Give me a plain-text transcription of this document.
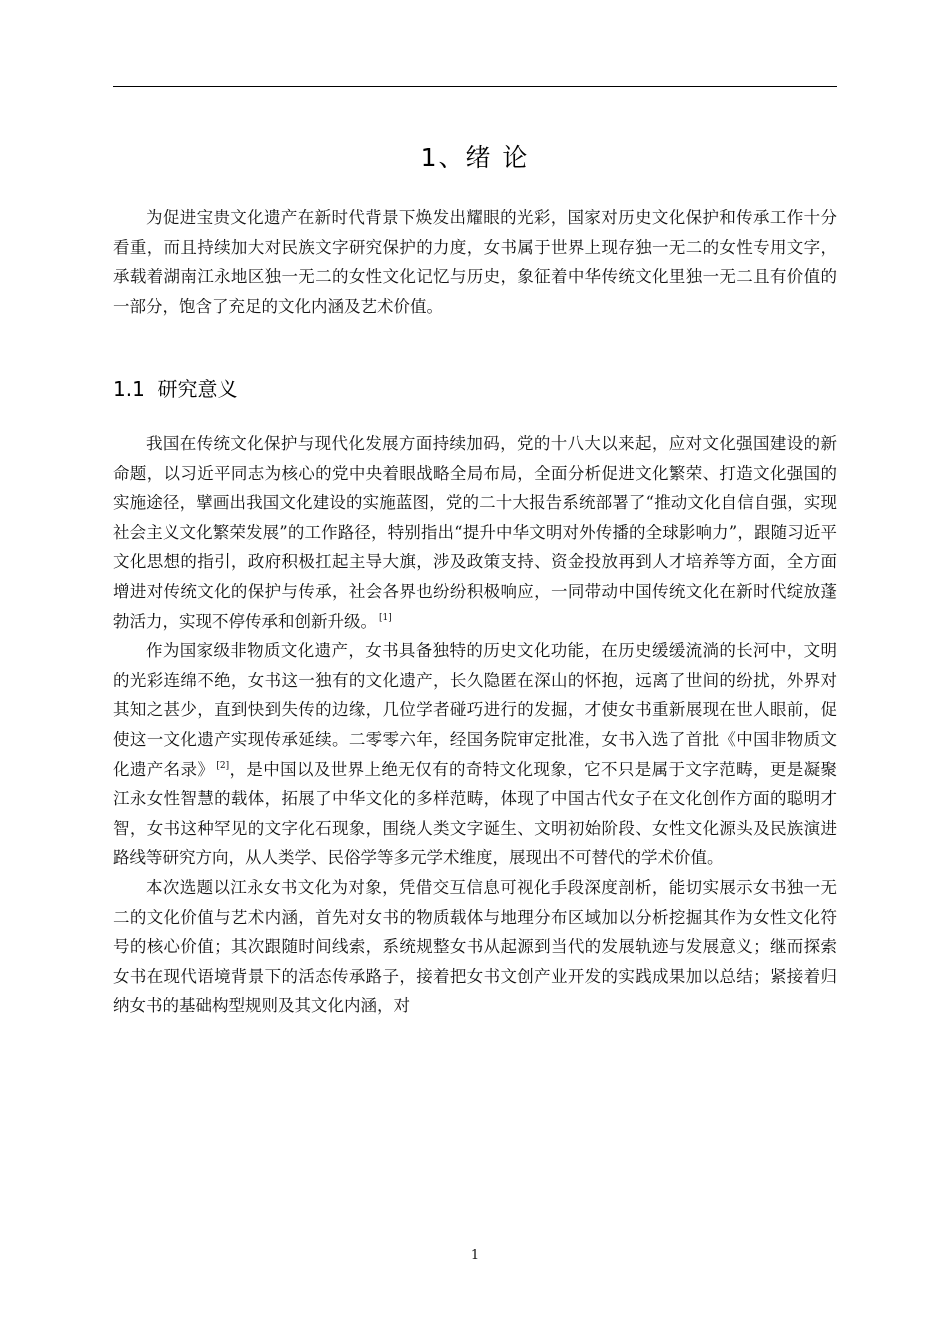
1、绪 论

为促进宝贵文化遗产在新时代背景下焕发出耀眼的光彩，国家对历史文化保护和传承工作十分看重，而且持续加大对民族文字研究保护的力度，女书属于世界上现存独一无二的女性专用文字，承载着湖南江永地区独一无二的女性文化记忆与历史，象征着中华传统文化里独一无二且有价值的一部分，饱含了充足的文化内涵及艺术价值。

1.1  研究意义

我国在传统文化保护与现代化发展方面持续加码，党的十八大以来起，应对文化强国建设的新命题，以习近平同志为核心的党中央着眼战略全局布局，全面分析促进文化繁荣、打造文化强国的实施途径，擘画出我国文化建设的实施蓝图，党的二十大报告系统部署了“推动文化自信自强，实现社会主义文化繁荣发展”的工作路径，特别指出“提升中华文明对外传播的全球影响力”，跟随习近平文化思想的指引，政府积极扛起主导大旗，涉及政策支持、资金投放再到人才培养等方面，全方面增进对传统文化的保护与传承，社会各界也纷纷积极响应，一同带动中国传统文化在新时代绽放蓬勃活力，实现不停传承和创新升级。 [1]

作为国家级非物质文化遗产，女书具备独特的历史文化功能，在历史缓缓流淌的长河中，文明的光彩连绵不绝，女书这一独有的文化遗产，长久隐匿在深山的怀抱，远离了世间的纷扰，外界对其知之甚少，直到快到失传的边缘，几位学者碰巧进行的发掘，才使女书重新展现在世人眼前，促使这一文化遗产实现传承延续。二零零六年，经国务院审定批准，女书入选了首批《中国非物质文化遗产名录》 [2]，是中国以及世界上绝无仅有的奇特文化现象，它不只是属于文字范畴，更是凝聚江永女性智慧的载体，拓展了中华文化的多样范畴，体现了中国古代女子在文化创作方面的聪明才智，女书这种罕见的文字化石现象，围绕人类文字诞生、文明初始阶段、女性文化源头及民族演进路线等研究方向，从人类学、民俗学等多元学术维度，展现出不可替代的学术价值。

本次选题以江永女书文化为对象，凭借交互信息可视化手段深度剖析，能切实展示女书独一无二的文化价值与艺术内涵，首先对女书的物质载体与地理分布区域加以分析挖掘其作为女性文化符号的核心价值；其次跟随时间线索，系统规整女书从起源到当代的发展轨迹与发展意义；继而探索女书在现代语境背景下的活态传承路子，接着把女书文创产业开发的实践成果加以总结；紧接着归纳女书的基础构型规则及其文化内涵，对

1
